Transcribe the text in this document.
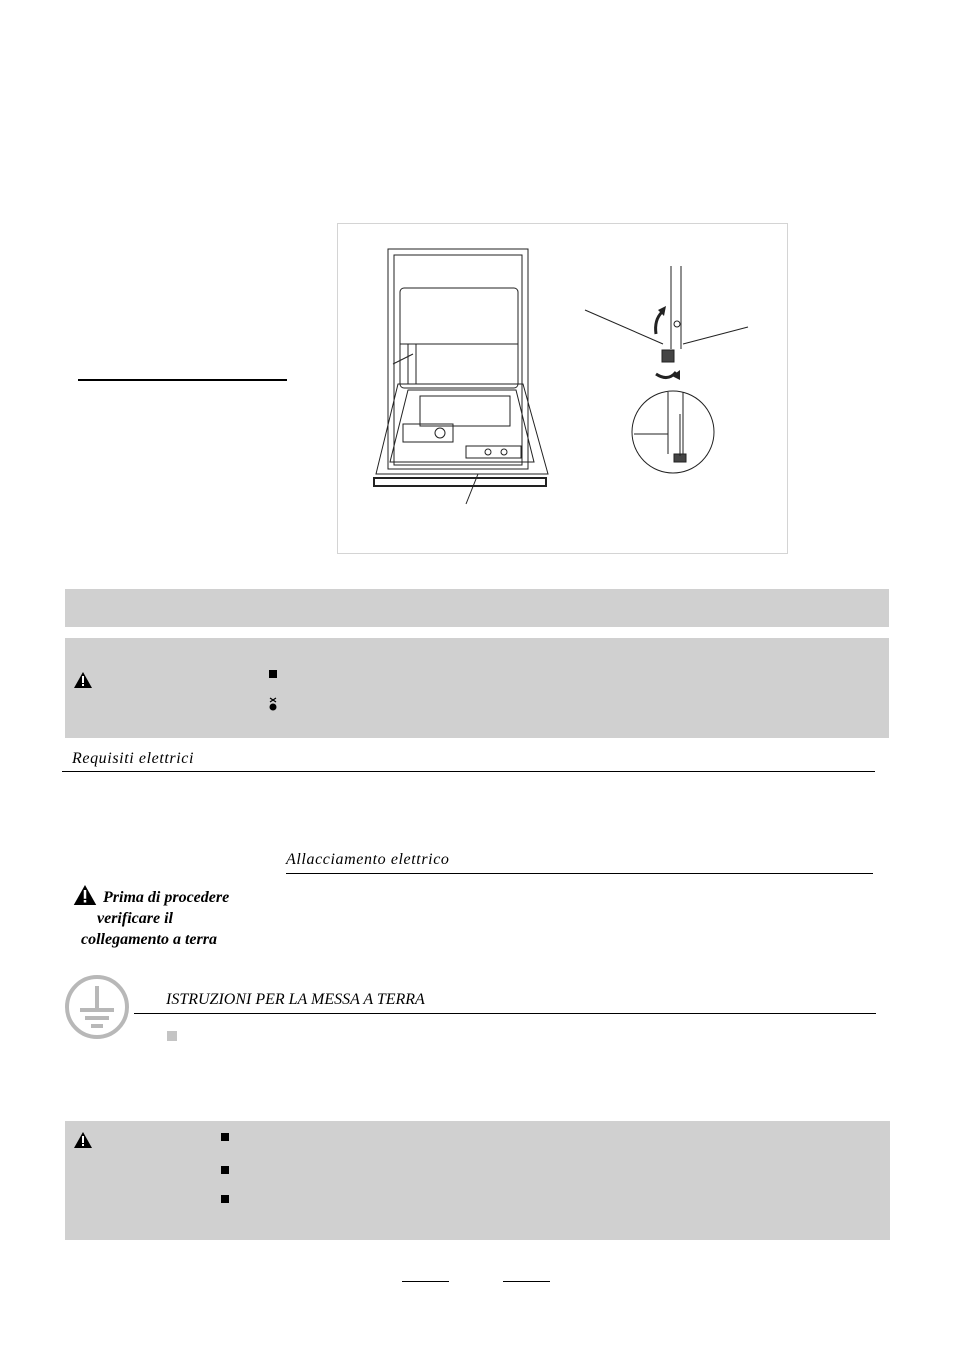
Requisiti elettrici
Allacciamento elettrico
Prima di procedere
verificare il
collegamento a terra
ISTRUZIONI PER LA MESSA A TERRA
